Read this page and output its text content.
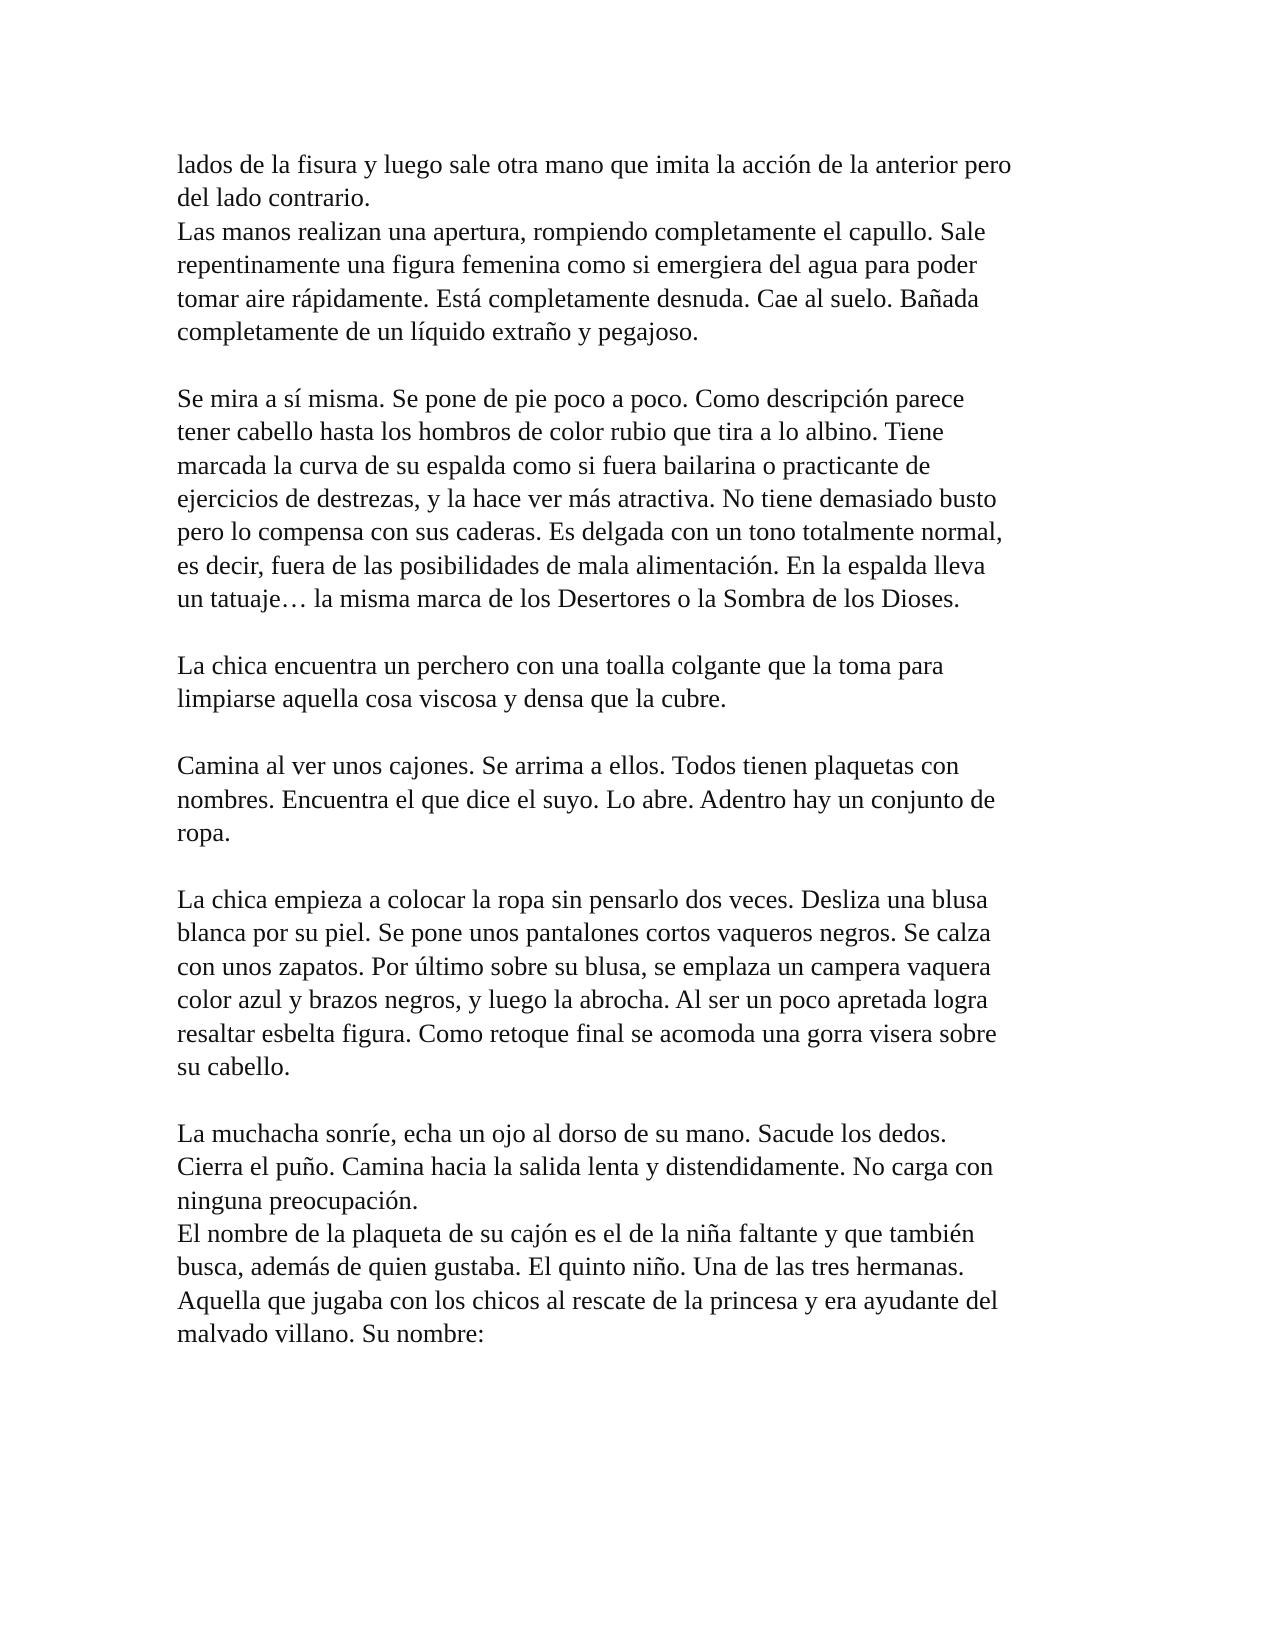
lados de la fisura y luego sale otra mano que imita la acción de la anterior pero
del lado contrario.

Las manos realizan una apertura, rompiendo completamente el capullo. Sale
repentinamente una figura femenina como si emergiera del agua para poder
tomar aire rápidamente. Está completamente desnuda. Cae al suelo. Bañada
completamente de un líquido extraño y pegajoso.

Se mira a sí misma. Se pone de pie poco a poco. Como descripción parece
tener cabello hasta los hombros de color rubio que tira a lo albino. Tiene
marcada la curva de su espalda como si fuera bailarina o practicante de
ejercicios de destrezas, y la hace ver más atractiva. No tiene demasiado busto
pero lo compensa con sus caderas. Es delgada con un tono totalmente normal,
es decir, fuera de las posibilidades de mala alimentación. En la espalda lleva
un tatuaje… la misma marca de los Desertores o la Sombra de los Dioses.

La chica encuentra un perchero con una toalla colgante que la toma para
limpiarse aquella cosa viscosa y densa que la cubre.

Camina al ver unos cajones. Se arrima a ellos. Todos tienen plaquetas con
nombres. Encuentra el que dice el suyo. Lo abre. Adentro hay un conjunto de
ropa.

La chica empieza a colocar la ropa sin pensarlo dos veces. Desliza una blusa
blanca por su piel. Se pone unos pantalones cortos vaqueros negros. Se calza
con unos zapatos. Por último sobre su blusa, se emplaza un campera vaquera
color azul y brazos negros, y luego la abrocha. Al ser un poco apretada logra
resaltar esbelta figura. Como retoque final se acomoda una gorra visera sobre
su cabello.

La muchacha sonríe, echa un ojo al dorso de su mano. Sacude los dedos.
Cierra el puño. Camina hacia la salida lenta y distendidamente. No carga con
ninguna preocupación.

El nombre de la plaqueta de su cajón es el de la niña faltante y que también
busca, además de quien gustaba. El quinto niño. Una de las tres hermanas.
Aquella que jugaba con los chicos al rescate de la princesa y era ayudante del
malvado villano. Su nombre:
